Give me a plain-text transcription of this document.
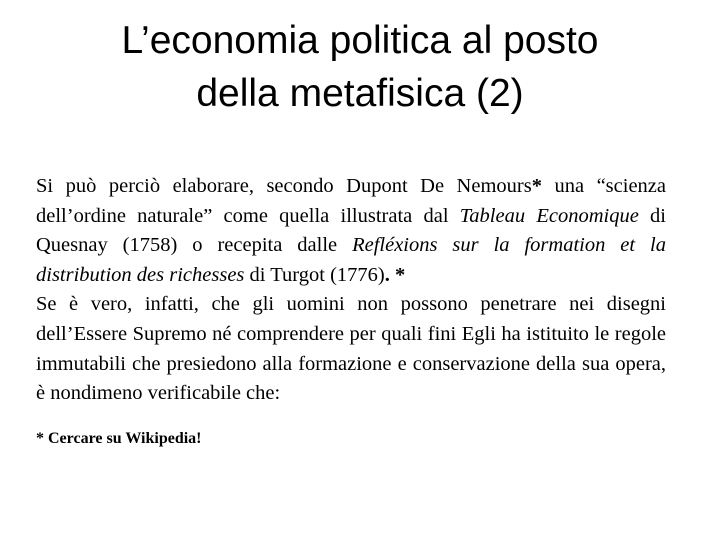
L’economia politica al posto
della metafisica (2)

Si può perciò elaborare, secondo Dupont De Nemours* una “scienza dell’ordine naturale” come quella illustrata dal Tableau Economique di Quesnay (1758) o recepita dalle Refléxions sur la formation et la distribution des richesses di Turgot (1776). *

Se è vero, infatti, che gli uomini non possono penetrare nei disegni dell’Essere Supremo né comprendere per quali fini Egli ha istituito le regole immutabili che presiedono alla formazione e conservazione della sua opera, è nondimeno verificabile che:

* Cercare su Wikipedia!
